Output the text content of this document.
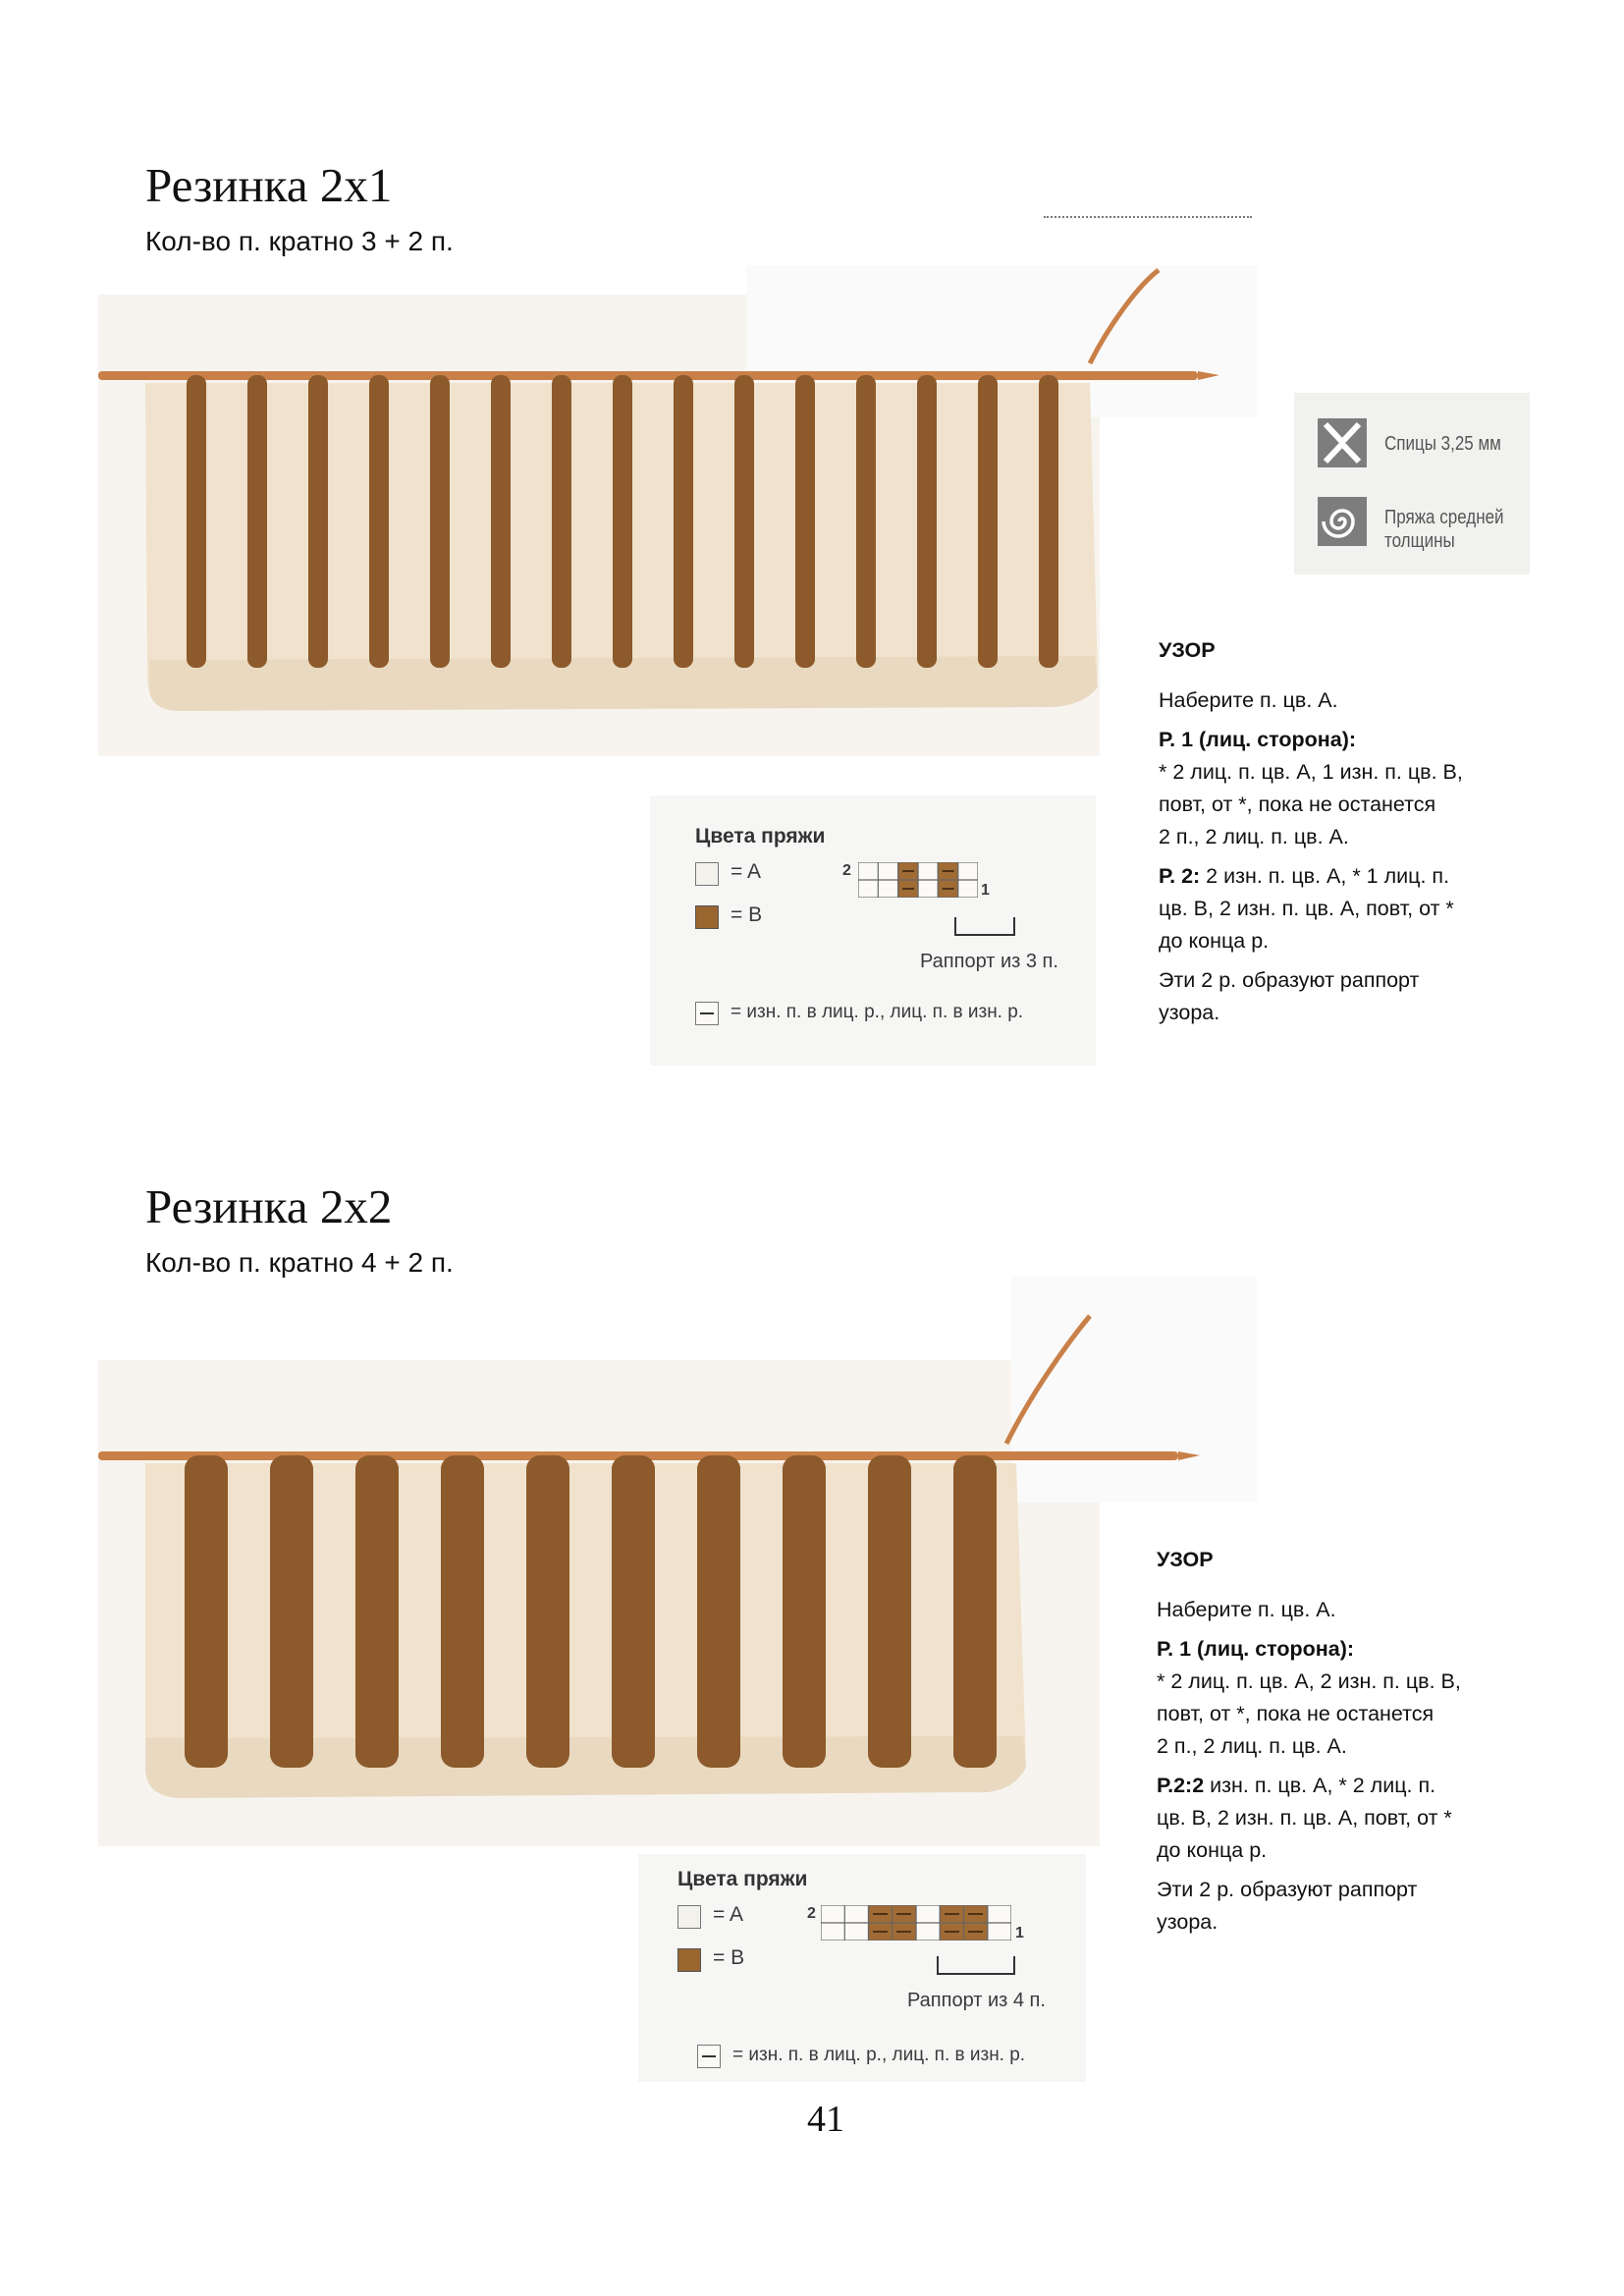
Резинка 2x1
Кол-во п. кратно 3 + 2 п.
Спицы 3,25 мм
Пряжа средней
толщины
УЗОР
Наберите п. цв. А.
Р. 1 (лиц. сторона):
* 2 лиц. п. цв. А, 1 изн. п. цв. В,
повт, от *, пока не останется
2 п., 2 лиц. п. цв. А.
Р. 2: 2 изн. п. цв. А, * 1 лиц. п.
цв. В, 2 изн. п. цв. А, повт, от *
до конца р.
Эти 2 р. образуют раппорт
узора.
Цвета пряжи
= A
= B
2
1
Раппорт из 3 п.
= изн. п. в лиц. р., лиц. п. в изн. р.
Резинка 2x2
Кол-во п. кратно 4 + 2 п.
УЗОР
Наберите п. цв. А.
Р. 1 (лиц. сторона):
* 2 лиц. п. цв. А, 2 изн. п. цв. В,
повт, от *, пока не останется
2 п., 2 лиц. п. цв. А.
Р.2:2 изн. п. цв. А, * 2 лиц. п.
цв. В, 2 изн. п. цв. А, повт, от *
до конца р.
Эти 2 р. образуют раппорт
узора.
Цвета пряжи
= A
= B
2
1
Раппорт из 4 п.
= изн. п. в лиц. р., лиц. п. в изн. р.
41
